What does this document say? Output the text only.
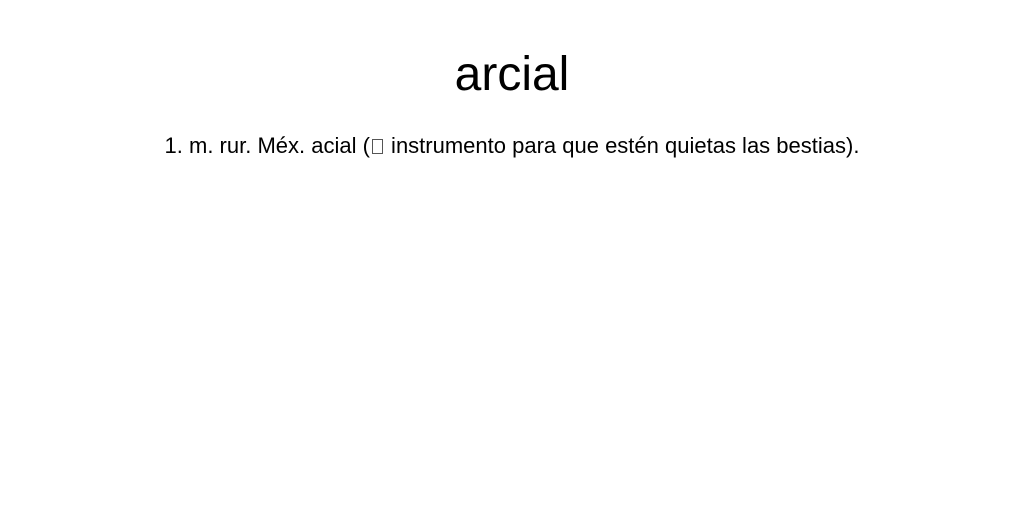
arcial

1. m. rur. Méx. acial ( instrumento para que estén quietas las bestias).
